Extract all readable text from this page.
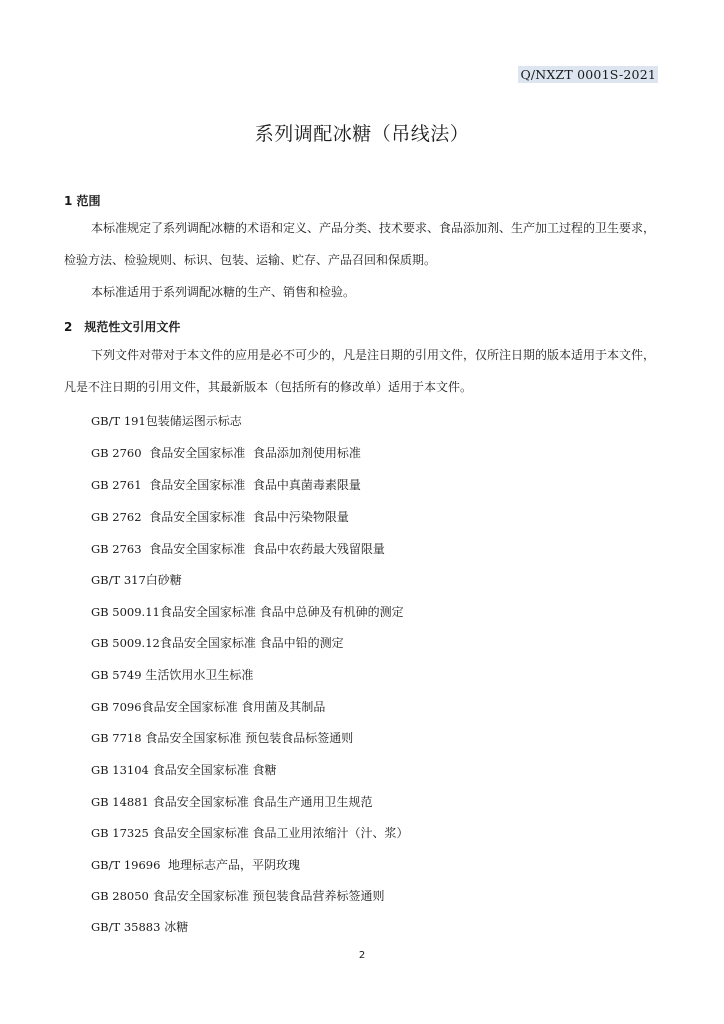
Q/NXZT 0001S-2021
系列调配冰糖（吊线法）
1 范围
本标准规定了系列调配冰糖的术语和定义、产品分类、技术要求、食品添加剂、生产加工过程的卫生要求，检验方法、检验规则、标识、包装、运输、贮存、产品召回和保质期。
本标准适用于系列调配冰糖的生产、销售和检验。
2　规范性文引用文件
下列文件对带对于本文件的应用是必不可少的，凡是注日期的引用文件，仅所注日期的版本适用于本文件，凡是不注日期的引用文件，其最新版本（包括所有的修改单）适用于本文件。
GB/T 191包装储运图示标志
GB 2760  食品安全国家标准  食品添加剂使用标准
GB 2761  食品安全国家标准  食品中真菌毒素限量
GB 2762  食品安全国家标准  食品中污染物限量
GB 2763  食品安全国家标准  食品中农药最大残留限量
GB/T 317白砂糖
GB 5009.11食品安全国家标准 食品中总砷及有机砷的测定
GB 5009.12食品安全国家标准 食品中铅的测定
GB 5749 生活饮用水卫生标准
GB 7096食品安全国家标准 食用菌及其制品
GB 7718 食品安全国家标准 预包装食品标签通则
GB 13104 食品安全国家标准 食糖
GB 14881 食品安全国家标准 食品生产通用卫生规范
GB 17325 食品安全国家标准 食品工业用浓缩汁（汁、浆）
GB/T 19696  地理标志产品，平阴玫瑰
GB 28050 食品安全国家标准 预包装食品营养标签通则
GB/T 35883 冰糖
2
